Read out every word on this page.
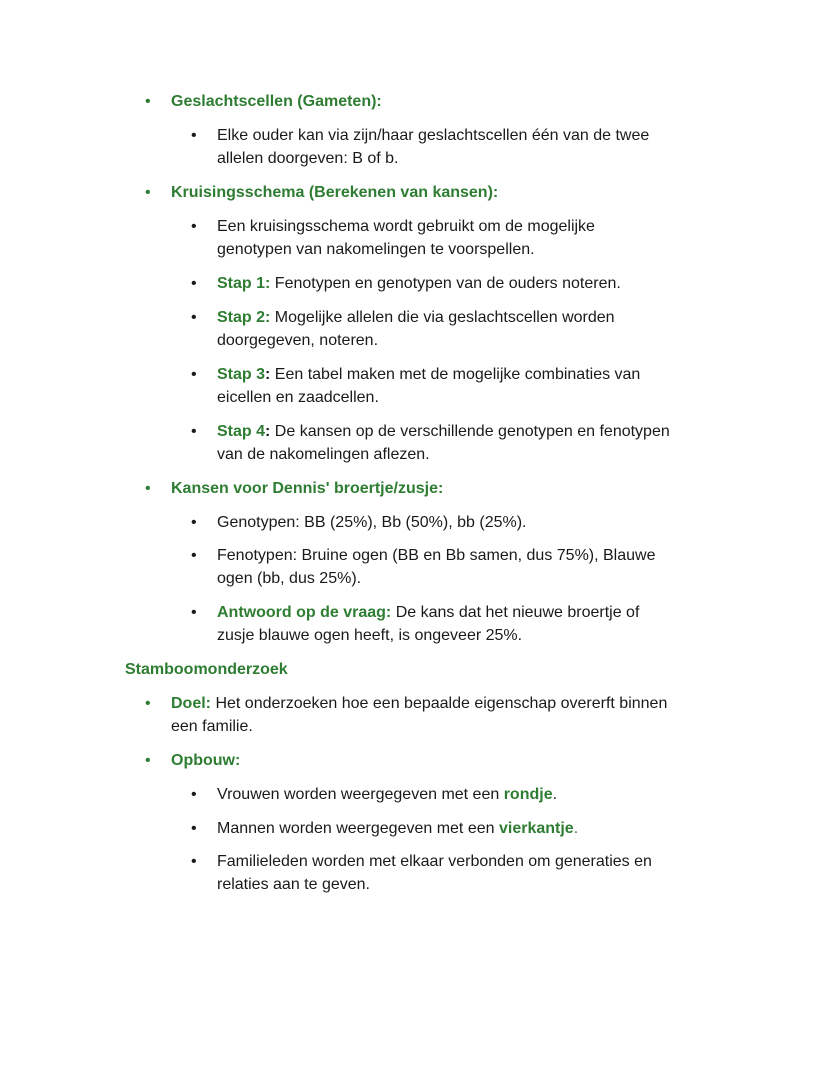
• Geslachtscellen (Gameten):
• Elke ouder kan via zijn/haar geslachtscellen één van de twee
allelen doorgeven: B of b.
• Kruisingsschema (Berekenen van kansen):
• Een kruisingsschema wordt gebruikt om de mogelijke
genotypen van nakomelingen te voorspellen.
• Stap 1: Fenotypen en genotypen van de ouders noteren.
• Stap 2: Mogelijke allelen die via geslachtscellen worden
doorgegeven, noteren.
• Stap 3: Een tabel maken met de mogelijke combinaties van
eicellen en zaadcellen.
• Stap 4: De kansen op de verschillende genotypen en fenotypen
van de nakomelingen aflezen.
• Kansen voor Dennis' broertje/zusje:
• Genotypen: BB (25%), Bb (50%), bb (25%).
• Fenotypen: Bruine ogen (BB en Bb samen, dus 75%), Blauwe
ogen (bb, dus 25%).
• Antwoord op de vraag: De kans dat het nieuwe broertje of
zusje blauwe ogen heeft, is ongeveer 25%.
Stamboomonderzoek
• Doel: Het onderzoeken hoe een bepaalde eigenschap overerft binnen
een familie.
• Opbouw:
• Vrouwen worden weergegeven met een rondje.
• Mannen worden weergegeven met een vierkantje.
• Familieleden worden met elkaar verbonden om generaties en
relaties aan te geven.
